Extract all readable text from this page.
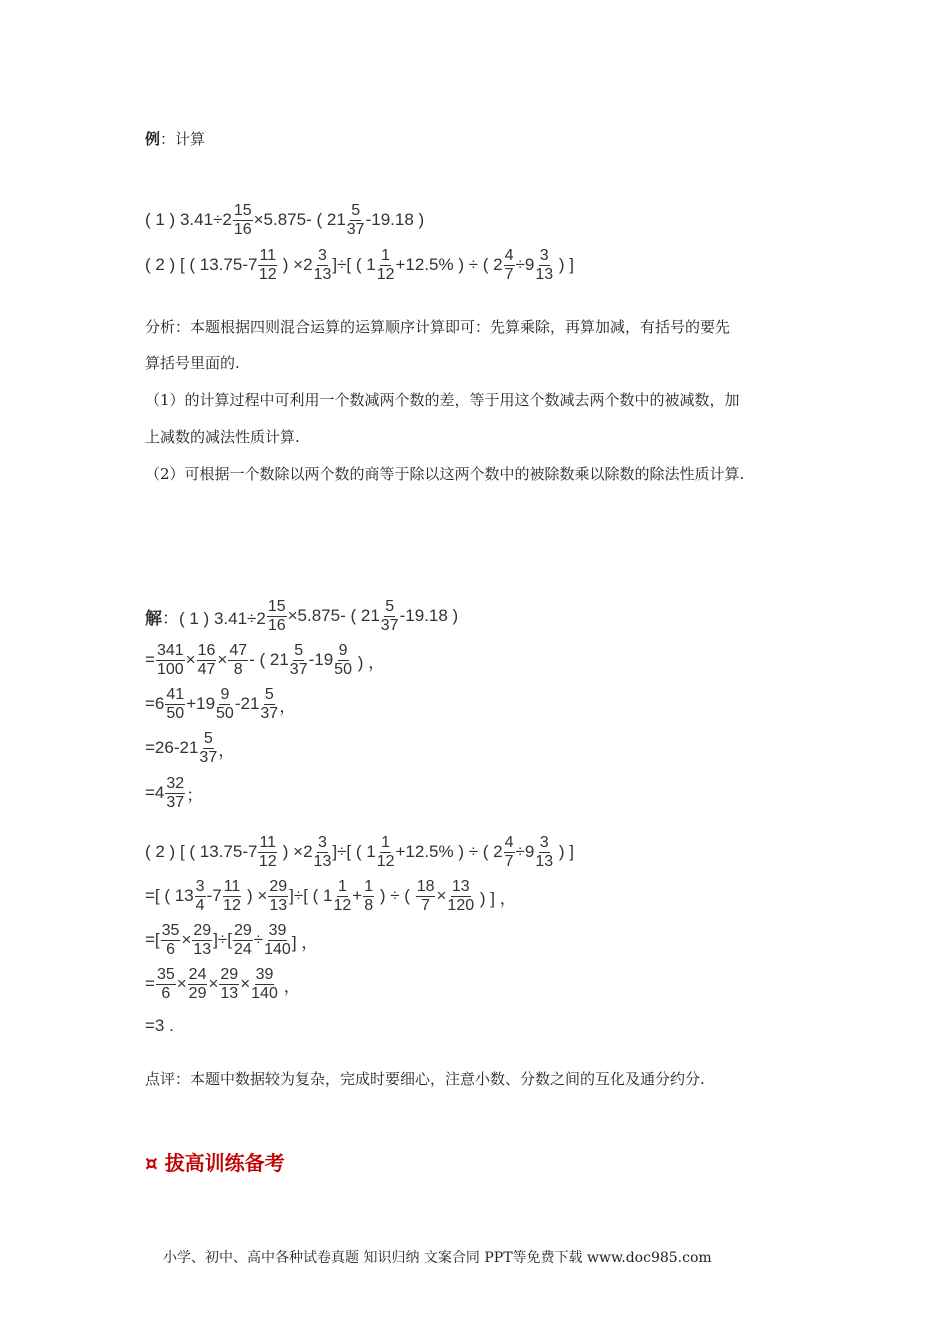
例：计算
( 1 ) $3.41\div 2 \frac{15}{16} \times 5.875-$ ( $21 \frac{5}{37} -19.18$ )
( 2 ) [ ( $13.75-7 \frac{11}{12}$ ) $\times 2 \frac{3}{13}$ ]÷[ ( $1 \frac{1}{12} +12.5\%$ ) ÷ ( $2 \frac{4}{7} \div 9 \frac{3}{13}$ ) ]
分析：本题根据四则混合运算的运算顺序计算即可：先算乘除，再算加减，有括号的要先
算括号里面的.
（1）的计算过程中可利用一个数减两个数的差，等于用这个数减去两个数中的被减数，加
上减数的减法性质计算.
（2）可根据一个数除以两个数的商等于除以这两个数中的被除数乘以除数的除法性质计算.
解 ：( 1 ) $3.41\div 2 \frac{15}{16} \times 5.875-$ ( $21 \frac{5}{37} -19.18$ )
= $\frac{341}{100} \times \frac{16}{47} \times \frac{47}{8}$ - ( $21 \frac{5}{37} -19 \frac{9}{50}$ ) ，
$=6 \frac{41}{50} +19 \frac{9}{50} -21 \frac{5}{37}$ ，
$=26-21 \frac{5}{37}$ ，
$=4 \frac{32}{37}$ ；
( 2 ) [ ( $13.75-7 \frac{11}{12}$ ) $\times 2 \frac{3}{13}$ ]÷[ ( $1 \frac{1}{12} +12.5\%$ ) ÷ ( $2 \frac{4}{7} \div 9 \frac{3}{13}$ ) ]
=[ ( $13 \frac{3}{4} -7 \frac{11}{12}$ ) × $\frac{29}{13}$ ]÷[ ( $1 \frac{1}{12} + \frac{1}{8}$ ) ÷ ( $\frac{18}{7} \times \frac{13}{120}$ ) ] ，
=[ $\frac{35}{6} \times \frac{29}{13}$ ]÷[ $\frac{29}{24} \div \frac{39}{140}$ ] ，
= $\frac{35}{6} \times \frac{24}{29} \times \frac{29}{13} \times \frac{39}{140}$ ，
=3 .
点评：本题中数据较为复杂，完成时要细心，注意小数、分数之间的互化及通分约分.
¤ 拔高训练备考
小学、初中、高中各种试卷真题 知识归纳 文案合同 PPT等免费下载 www.doc985.com
